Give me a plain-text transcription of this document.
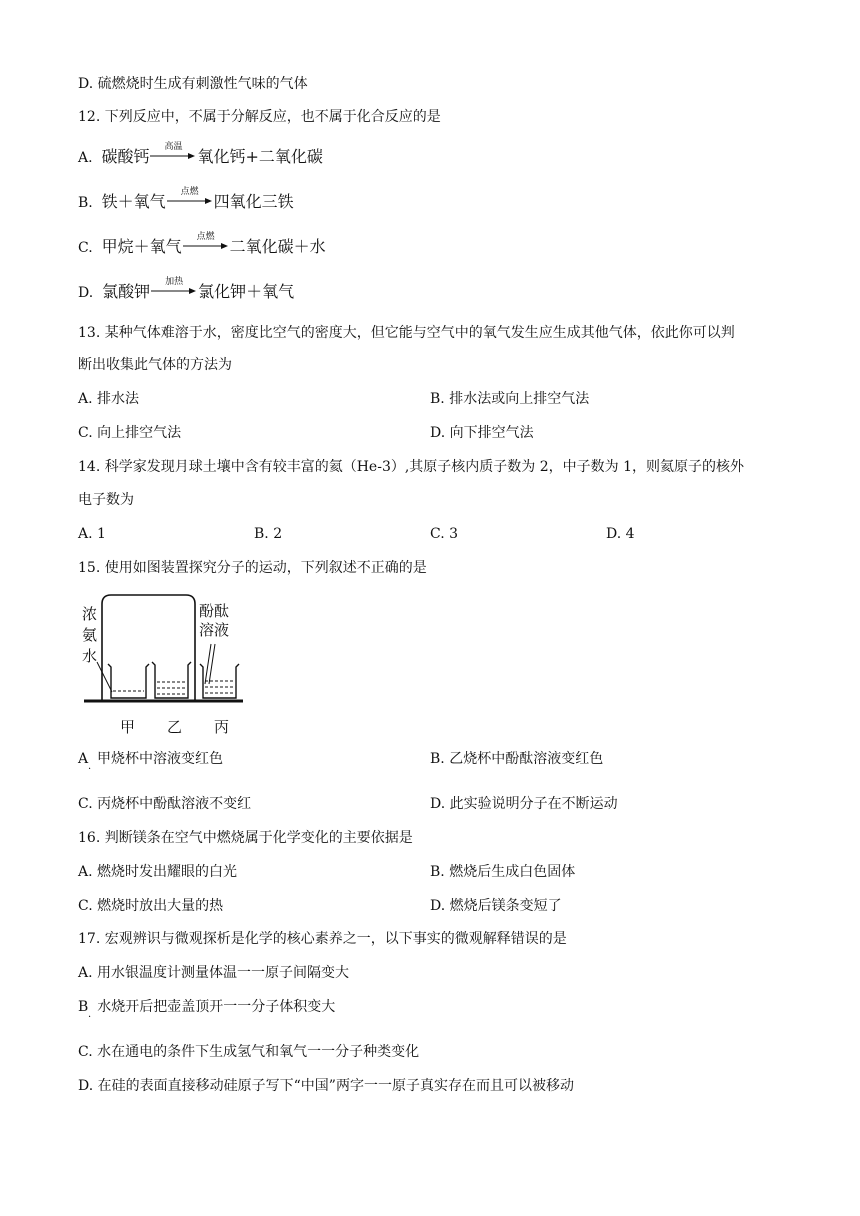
D. 硫燃烧时生成有刺激性气味的气体
12. 下列反应中，不属于分解反应，也不属于化合反应的是
A. 碳酸钙	高温 氧化钙+二氧化碳
B. 铁＋氧气	点燃 四氧化三铁
C. 甲烷＋氧气	点燃 二氧化碳＋水
D. 氯酸钾	加热 氯化钾＋氧气
13. 某种气体难溶于水，密度比空气的密度大，但它能与空气中的氧气发生应生成其他气体，依此你可以判
断出收集此气体的方法为
A. 排水法	B. 排水法或向上排空气法
C. 向上排空气法	D. 向下排空气法
14. 科学家发现月球土壤中含有较丰富的氦（He-3）,其原子核内质子数为 2，中子数为 1，则氦原子的核外
电子数为
A. 1	B. 2	C. 3	D. 4
15. 使用如图装置探究分子的运动，下列叙述不正确的是
浓
氨
水
酚酞
溶液
甲 乙 丙
A 甲烧杯中溶液变红色
·
B. 乙烧杯中酚酞溶液变红色
C. 丙烧杯中酚酞溶液不变红	D. 此实验说明分子在不断运动
16. 判断镁条在空气中燃烧属于化学变化的主要依据是
A. 燃烧时发出耀眼的白光	B. 燃烧后生成白色固体
C. 燃烧时放出大量的热	D. 燃烧后镁条变短了
17. 宏观辨识与微观探析是化学的核心素养之一，以下事实的微观解释错误的是
A. 用水银温度计测量体温一一原子间隔变大
B 水烧开后把壶盖顶开一一分子体积变大
·
C. 水在通电的条件下生成氢气和氧气一一分子种类变化
D. 在硅的表面直接移动硅原子写下“中国”两字一一原子真实存在而且可以被移动
